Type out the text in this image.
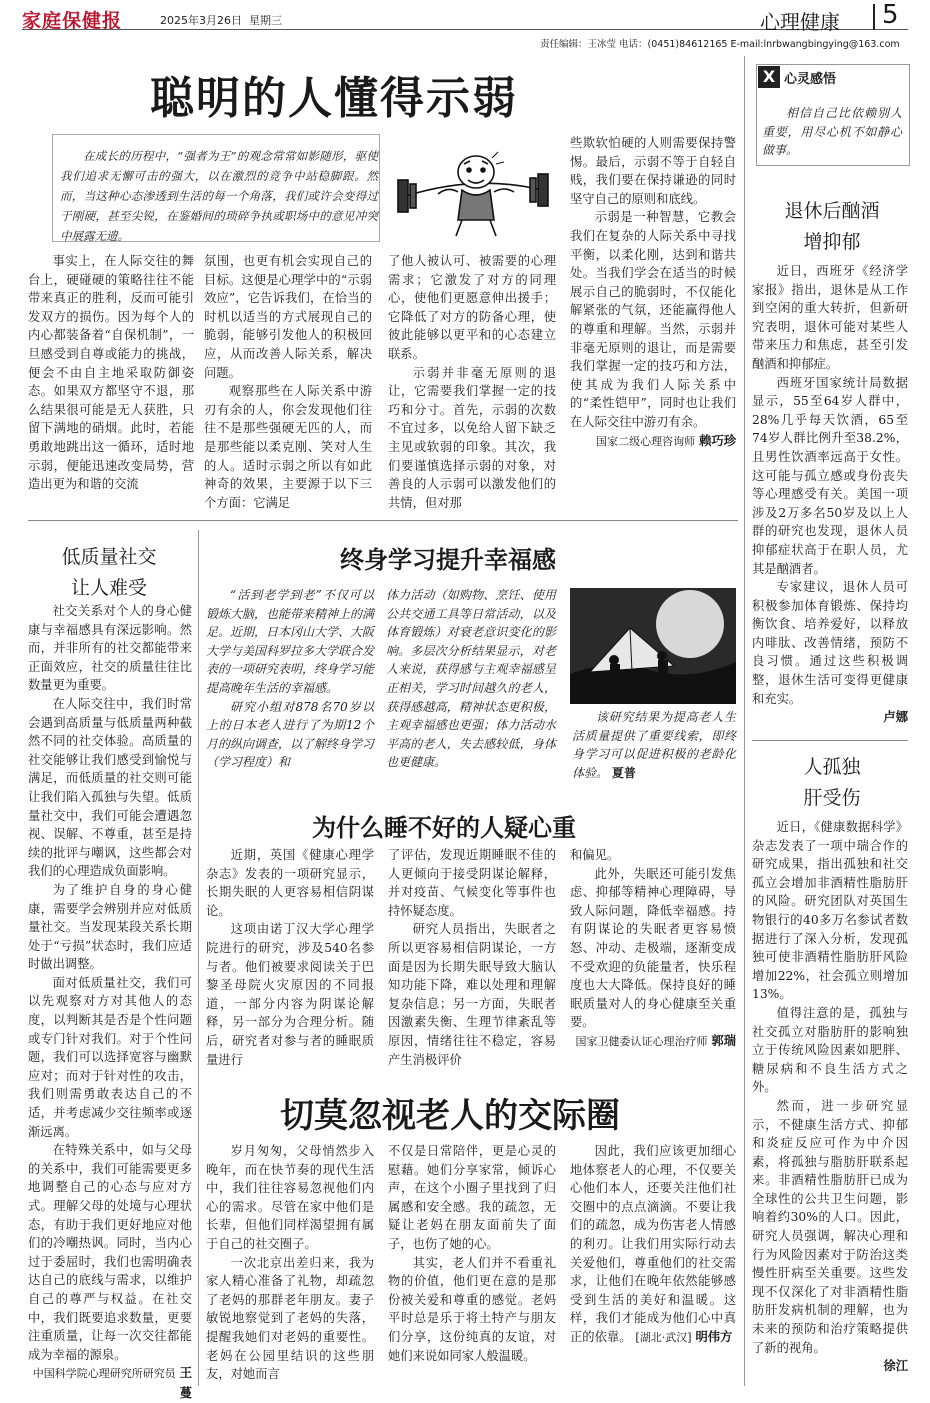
家庭保健报	2025年3月26日 星期三	心理健康 5
责任编辑：王冰莹 电话：(0451)84612165 E-mail:lnrbwangbingying@163.com
聪明的人懂得示弱

在成长的历程中，“强者为王”的观念常常如影随形，驱使我们追求无懈可击的强大，以在激烈的竞争中站稳脚跟。然而，当这种心态渗透到生活的每一个角落，我们或许会变得过于刚硬，甚至尖锐，在鉴婚间的琐碎争执或职场中的意见冲突中展露无遗。

事实上，在人际交往的舞台上，硬碰硬的策略往往不能带来真正的胜利，反而可能引发双方的损伤。因为每个人的内心都装备着“自保机制”，一旦感受到自尊或能力的挑战，便会不由自主地采取防御姿态。如果双方都坚守不退，那么结果很可能是无人获胜，只留下满地的硝烟。此时，若能勇敢地跳出这一循环，适时地示弱，便能迅速改变局势，营造出更为和谐的交流

氛围，也更有机会实现自己的目标。这便是心理学中的“示弱效应”，它告诉我们，在恰当的时机以适当的方式展现自己的脆弱，能够引发他人的积极回应，从而改善人际关系，解决问题。

观察那些在人际关系中游刃有余的人，你会发现他们往往不是那些强硬无匹的人，而是那些能以柔克刚、笑对人生的人。适时示弱之所以有如此神奇的效果，主要源于以下三个方面：它满足

了他人被认可、被需要的心理需求；它激发了对方的同理心，使他们更愿意伸出援手；它降低了对方的防备心理，使彼此能够以更平和的心态建立联系。

示弱并非毫无原则的退让，它需要我们掌握一定的技巧和分寸。首先，示弱的次数不宜过多，以免给人留下缺乏主见或软弱的印象。其次，我们要谨慎选择示弱的对象，对善良的人示弱可以激发他们的共情，但对那

些欺软怕硬的人则需要保持警惕。最后，示弱不等于自轻自贱，我们要在保持谦逊的同时坚守自己的原则和底线。

示弱是一种智慧，它教会我们在复杂的人际关系中寻找平衡，以柔化刚，达到和谐共处。当我们学会在适当的时候展示自己的脆弱时，不仅能化解紧张的气氛，还能赢得他人的尊重和理解。当然，示弱并非毫无原则的退让，而是需要我们掌握一定的技巧和方法，使其成为我们人际关系中的“柔性铠甲”，同时也让我们在人际交往中游刃有余。

国家二级心理咨询师 赖巧珍

X 心灵感悟

相信自己比依赖别人重要，用尽心机不如静心做事。

退休后酗酒
增抑郁

近日，西班牙《经济学家报》指出，退休是从工作到空闲的重大转折，但新研究表明，退休可能对某些人带来压力和焦虑，甚至引发酗酒和抑郁症。

西班牙国家统计局数据显示，55至64岁人群中，28%几乎每天饮酒，65至74岁人群比例升至38.2%，且男性饮酒率远高于女性。这可能与孤立感或身份丧失等心理感受有关。美国一项涉及2万多名50岁及以上人群的研究也发现，退休人员抑郁症状高于在职人员，尤其是酗酒者。

专家建议，退休人员可积极参加体育锻炼、保持均衡饮食、培养爱好，以释放内啡肽、改善情绪，预防不良习惯。通过这些积极调整，退休生活可变得更健康和充实。

卢娜

人孤独
肝受伤

近日，《健康数据科学》杂志发表了一项中瑞合作的研究成果，指出孤独和社交孤立会增加非酒精性脂肪肝的风险。研究团队对英国生物银行的40多万名参试者数据进行了深入分析，发现孤独可使非酒精性脂肪肝风险增加22%，社会孤立则增加13%。

值得注意的是，孤独与社交孤立对脂肪肝的影响独立于传统风险因素如肥胖、糖尿病和不良生活方式之外。

然而，进一步研究显示，不健康生活方式、抑郁和炎症反应可作为中介因素，将孤独与脂肪肝联系起来。非酒精性脂肪肝已成为全球性的公共卫生问题，影响着约30%的人口。因此，研究人员强调，解决心理和行为风险因素对于防治这类慢性肝病至关重要。这些发现不仅深化了对非酒精性脂肪肝发病机制的理解，也为未来的预防和治疗策略提供了新的视角。

徐江

低质量社交
让人难受

社交关系对个人的身心健康与幸福感具有深远影响。然而，并非所有的社交都能带来正面效应，社交的质量往往比数量更为重要。

在人际交往中，我们时常会遇到高质量与低质量两种截然不同的社交体验。高质量的社交能够让我们感受到愉悦与满足，而低质量的社交则可能让我们陷入孤独与失望。低质量社交中，我们可能会遭遇忽视、误解、不尊重，甚至是持续的批评与嘲讽，这些都会对我们的心理造成负面影响。

为了维护自身的身心健康，需要学会辨别并应对低质量社交。当发现某段关系长期处于“亏损”状态时，我们应适时做出调整。

面对低质量社交，我们可以先观察对方对其他人的态度，以判断其是否是个性问题或专门针对我们。对于个性问题，我们可以选择宽容与幽默应对；而对于针对性的攻击，我们则需勇敢表达自己的不适，并考虑减少交往频率或逐渐远离。

在特殊关系中，如与父母的关系中，我们可能需要更多地调整自己的心态与应对方式。理解父母的处境与心理状态，有助于我们更好地应对他们的冷嘲热讽。同时，当内心过于委屈时，我们也需明确表达自己的底线与需求，以维护自己的尊严与权益。在社交中，我们既要追求数量，更要注重质量，让每一次交往都能成为幸福的源泉。

中国科学院心理研究所研究员 王蔓

终身学习提升幸福感

“活到老学到老”不仅可以锻炼大脑，也能带来精神上的满足。近期，日本冈山大学、大阪大学与美国科罗拉多大学联合发表的一项研究表明，终身学习能提高晚年生活的幸福感。

研究小组对878名70岁以上的日本老人进行了为期12个月的纵向调查，以了解终身学习（学习程度）和

体力活动（如购物、烹饪、使用公共交通工具等日常活动，以及体育锻炼）对衰老意识变化的影响。多层次分析结果显示，对老人来说，获得感与主观幸福感呈正相关，学习时间越久的老人，获得感越高，精神状态更积极，主观幸福感也更强；体力活动水平高的老人，失去感较低，身体也更健康。

该研究结果为提高老人生活质量提供了重要线索，即终身学习可以促进积极的老龄化体验。 夏普

为什么睡不好的人疑心重

近期，英国《健康心理学杂志》发表的一项研究显示，长期失眠的人更容易相信阴谋论。

这项由诺丁汉大学心理学院进行的研究，涉及540名参与者。他们被要求阅读关于巴黎圣母院火灾原因的不同报道，一部分内容为阴谋论解释，另一部分为合理分析。随后，研究者对参与者的睡眠质量进行

了评估，发现近期睡眠不佳的人更倾向于接受阴谋论解释，并对疫苗、气候变化等事件也持怀疑态度。

研究人员指出，失眠者之所以更容易相信阴谋论，一方面是因为长期失眠导致大脑认知功能下降，难以处理和理解复杂信息；另一方面，失眠者因激素失衡、生理节律紊乱等原因，情绪往往不稳定，容易产生消极评价

和偏见。

此外，失眠还可能引发焦虑、抑郁等精神心理障碍，导致人际问题，降低幸福感。持有阴谋论的失眠者更容易愤怒、冲动、走极端，逐渐变成不受欢迎的负能量者，快乐程度也大大降低。保持良好的睡眠质量对人的身心健康至关重要。

国家卫健委认证心理治疗师 郭瑞

切莫忽视老人的交际圈

岁月匆匆，父母悄然步入晚年，而在快节奏的现代生活中，我们往往容易忽视他们内心的需求。尽管在家中他们是长辈，但他们同样渴望拥有属于自己的社交圈子。

一次北京出差归来，我为家人精心准备了礼物，却疏忽了老妈的那群老年朋友。妻子敏锐地察觉到了老妈的失落，提醒我她们对老妈的重要性。老妈在公园里结识的这些朋友，对她而言

不仅是日常陪伴，更是心灵的慰藉。她们分享家常，倾诉心声，在这个小圈子里找到了归属感和安全感。我的疏忽，无疑让老妈在朋友面前失了面子，也伤了她的心。

其实，老人们并不看重礼物的价值，他们更在意的是那份被关爱和尊重的感觉。老妈平时总是乐于将土特产与朋友们分享，这份纯真的友谊，对她们来说如同家人般温暖。

因此，我们应该更加细心地体察老人的心理，不仅要关心他们本人，还要关注他们社交圈中的点点滴滴。不要让我们的疏忽，成为伤害老人情感的利刃。让我们用实际行动去关爱他们，尊重他们的社交需求，让他们在晚年依然能够感受到生活的美好和温暖。这样，我们才能成为他们心中真正的依靠。 [湖北·武汉] 明伟方
